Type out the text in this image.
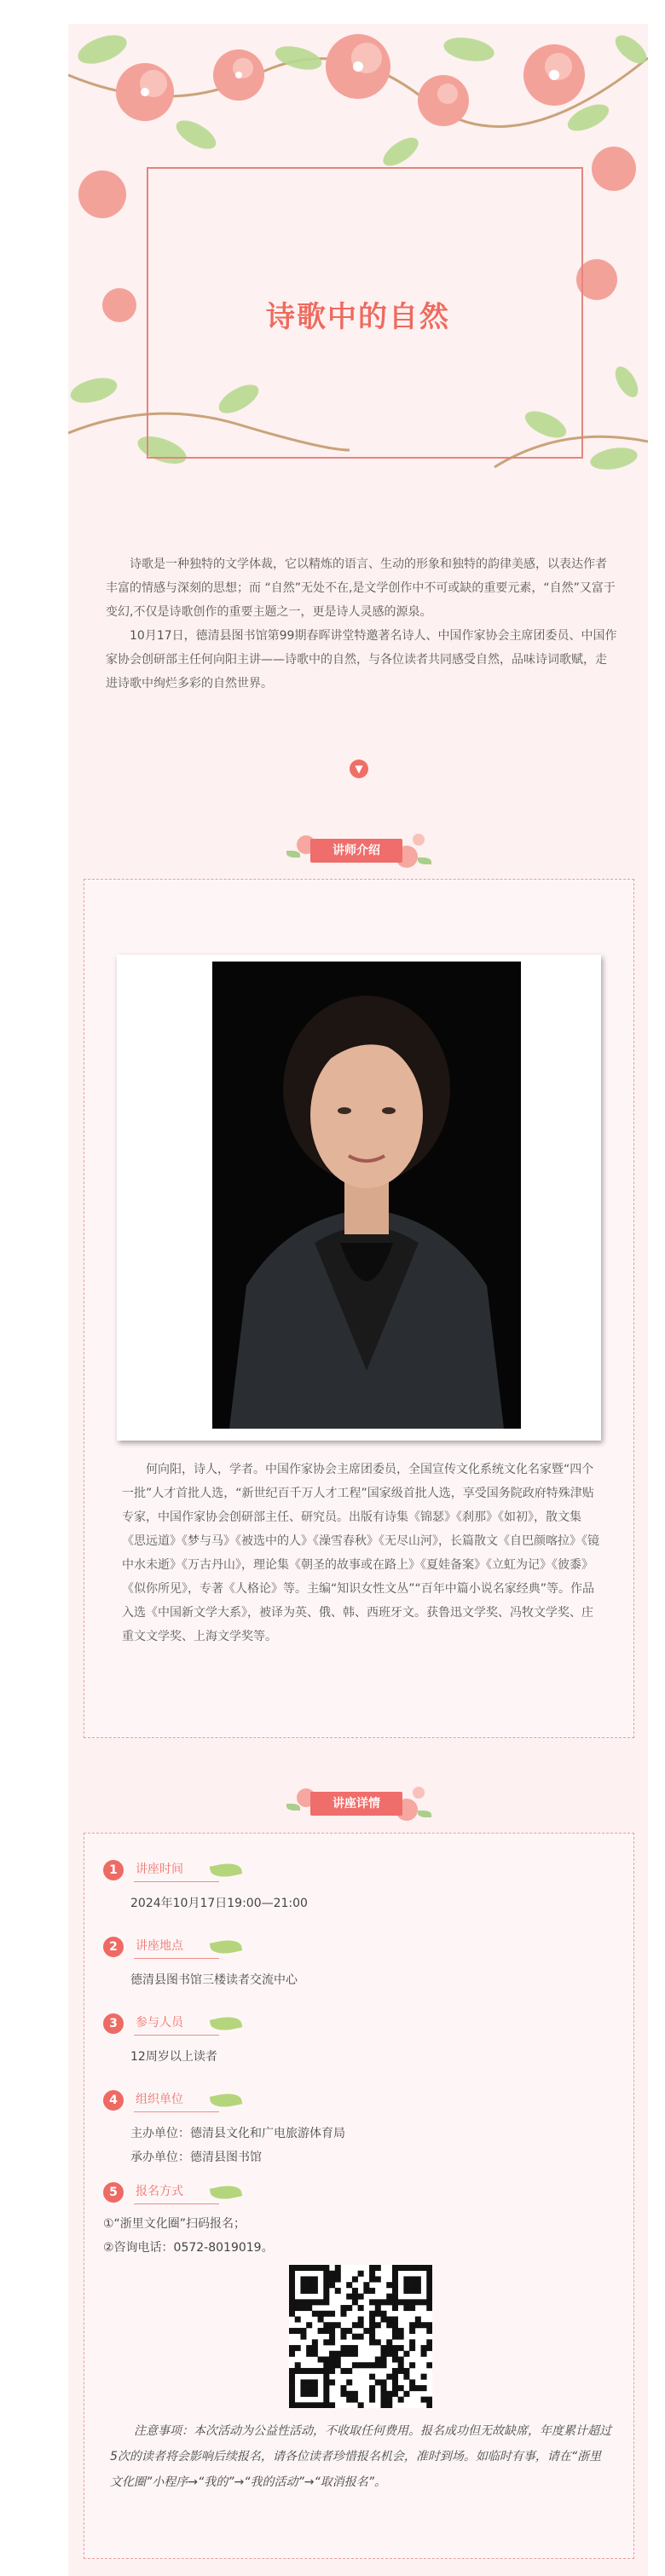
诗歌中的自然

诗歌是一种独特的文学体裁，它以精炼的语言、生动的形象和独特的韵律美感，以表达作者丰富的情感与深刻的思想；而 “自然”无处不在,是文学创作中不可或缺的重要元素，“自然”又富于变幻,不仅是诗歌创作的重要主题之一，更是诗人灵感的源泉。

10月17日，德清县图书馆第99期春晖讲堂特邀著名诗人、中国作家协会主席团委员、中国作家协会创研部主任何向阳主讲——诗歌中的自然，与各位读者共同感受自然，品味诗词歌赋，走进诗歌中绚烂多彩的自然世界。

▼
讲师介绍

何向阳，诗人，学者。中国作家协会主席团委员，全国宣传文化系统文化名家暨“四个一批”人才首批人选，“新世纪百千万人才工程”国家级首批人选，享受国务院政府特殊津贴专家，中国作家协会创研部主任、研究员。出版有诗集《锦瑟》《刹那》《如初》，散文集《思远道》《梦与马》《被选中的人》《澡雪春秋》《无尽山河》，长篇散文《自巴颜喀拉》《镜中水未逝》《万古丹山》，理论集《朝圣的故事或在路上》《夏娃备案》《立虹为记》《彼黍》《似你所见》，专著《人格论》等。主编“知识女性文丛”“百年中篇小说名家经典”等。作品入选《中国新文学大系》，被译为英、俄、韩、西班牙文。获鲁迅文学奖、冯牧文学奖、庄重文文学奖、上海文学奖等。

讲座详情
1	讲座时间
2024年10月17日19:00—21:00
2	讲座地点
德清县图书馆三楼读者交流中心
3	参与人员
12周岁以上读者
4	组织单位
主办单位：德清县文化和广电旅游体育局
承办单位：德清县图书馆
5	报名方式
①“浙里文化圈”扫码报名；
②咨询电话：0572-8019019。

注意事项：本次活动为公益性活动，不收取任何费用。报名成功但无故缺席，年度累计超过5次的读者将会影响后续报名，请各位读者珍惜报名机会，准时到场。如临时有事，请在“浙里文化圈”小程序→“我的”→“我的活动”→“取消报名”。
